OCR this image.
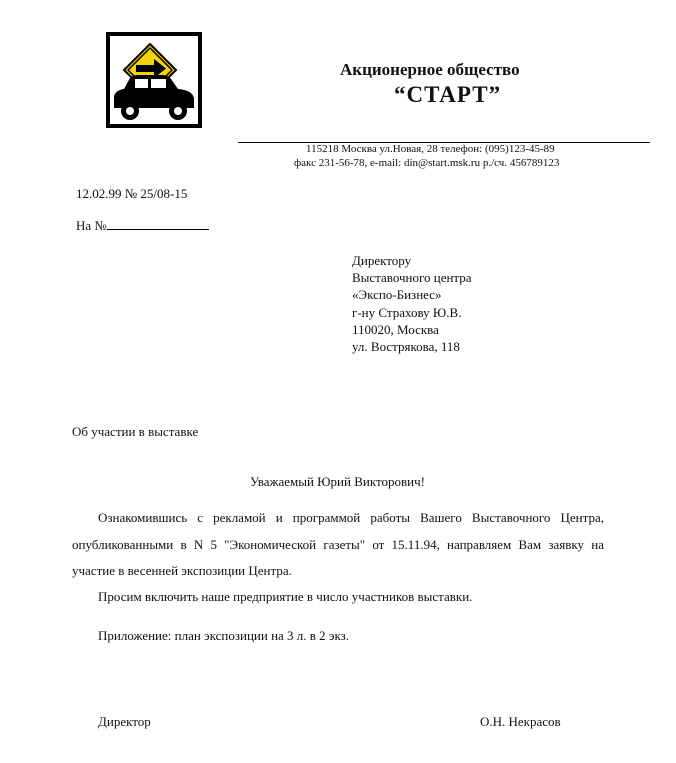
Акционерное общество
“СТАРТ”
115218 Москва ул.Новая, 28 телефон: (095)123-45-89
факс 231-56-78, e-mail: din@start.msk.ru р./сч. 456789123
12.02.99 № 25/08-15
На №
Директору
Выставочного центра
«Экспо-Бизнес»
г-ну Страхову Ю.В.
110020, Москва
ул. Вострякова, 118
Об участии в выставке
Уважаемый Юрий Викторович!
Ознакомившись с рекламой и программой работы Вашего Выставочного Центра, опубликованными в N 5 "Экономической газеты" от 15.11.94, направляем Вам заявку на участие в весенней экспозиции Центра.
Просим включить наше предприятие в число участников выставки.
Приложение: план экспозиции на 3 л. в 2 экз.
Директор	О.Н. Некрасов
